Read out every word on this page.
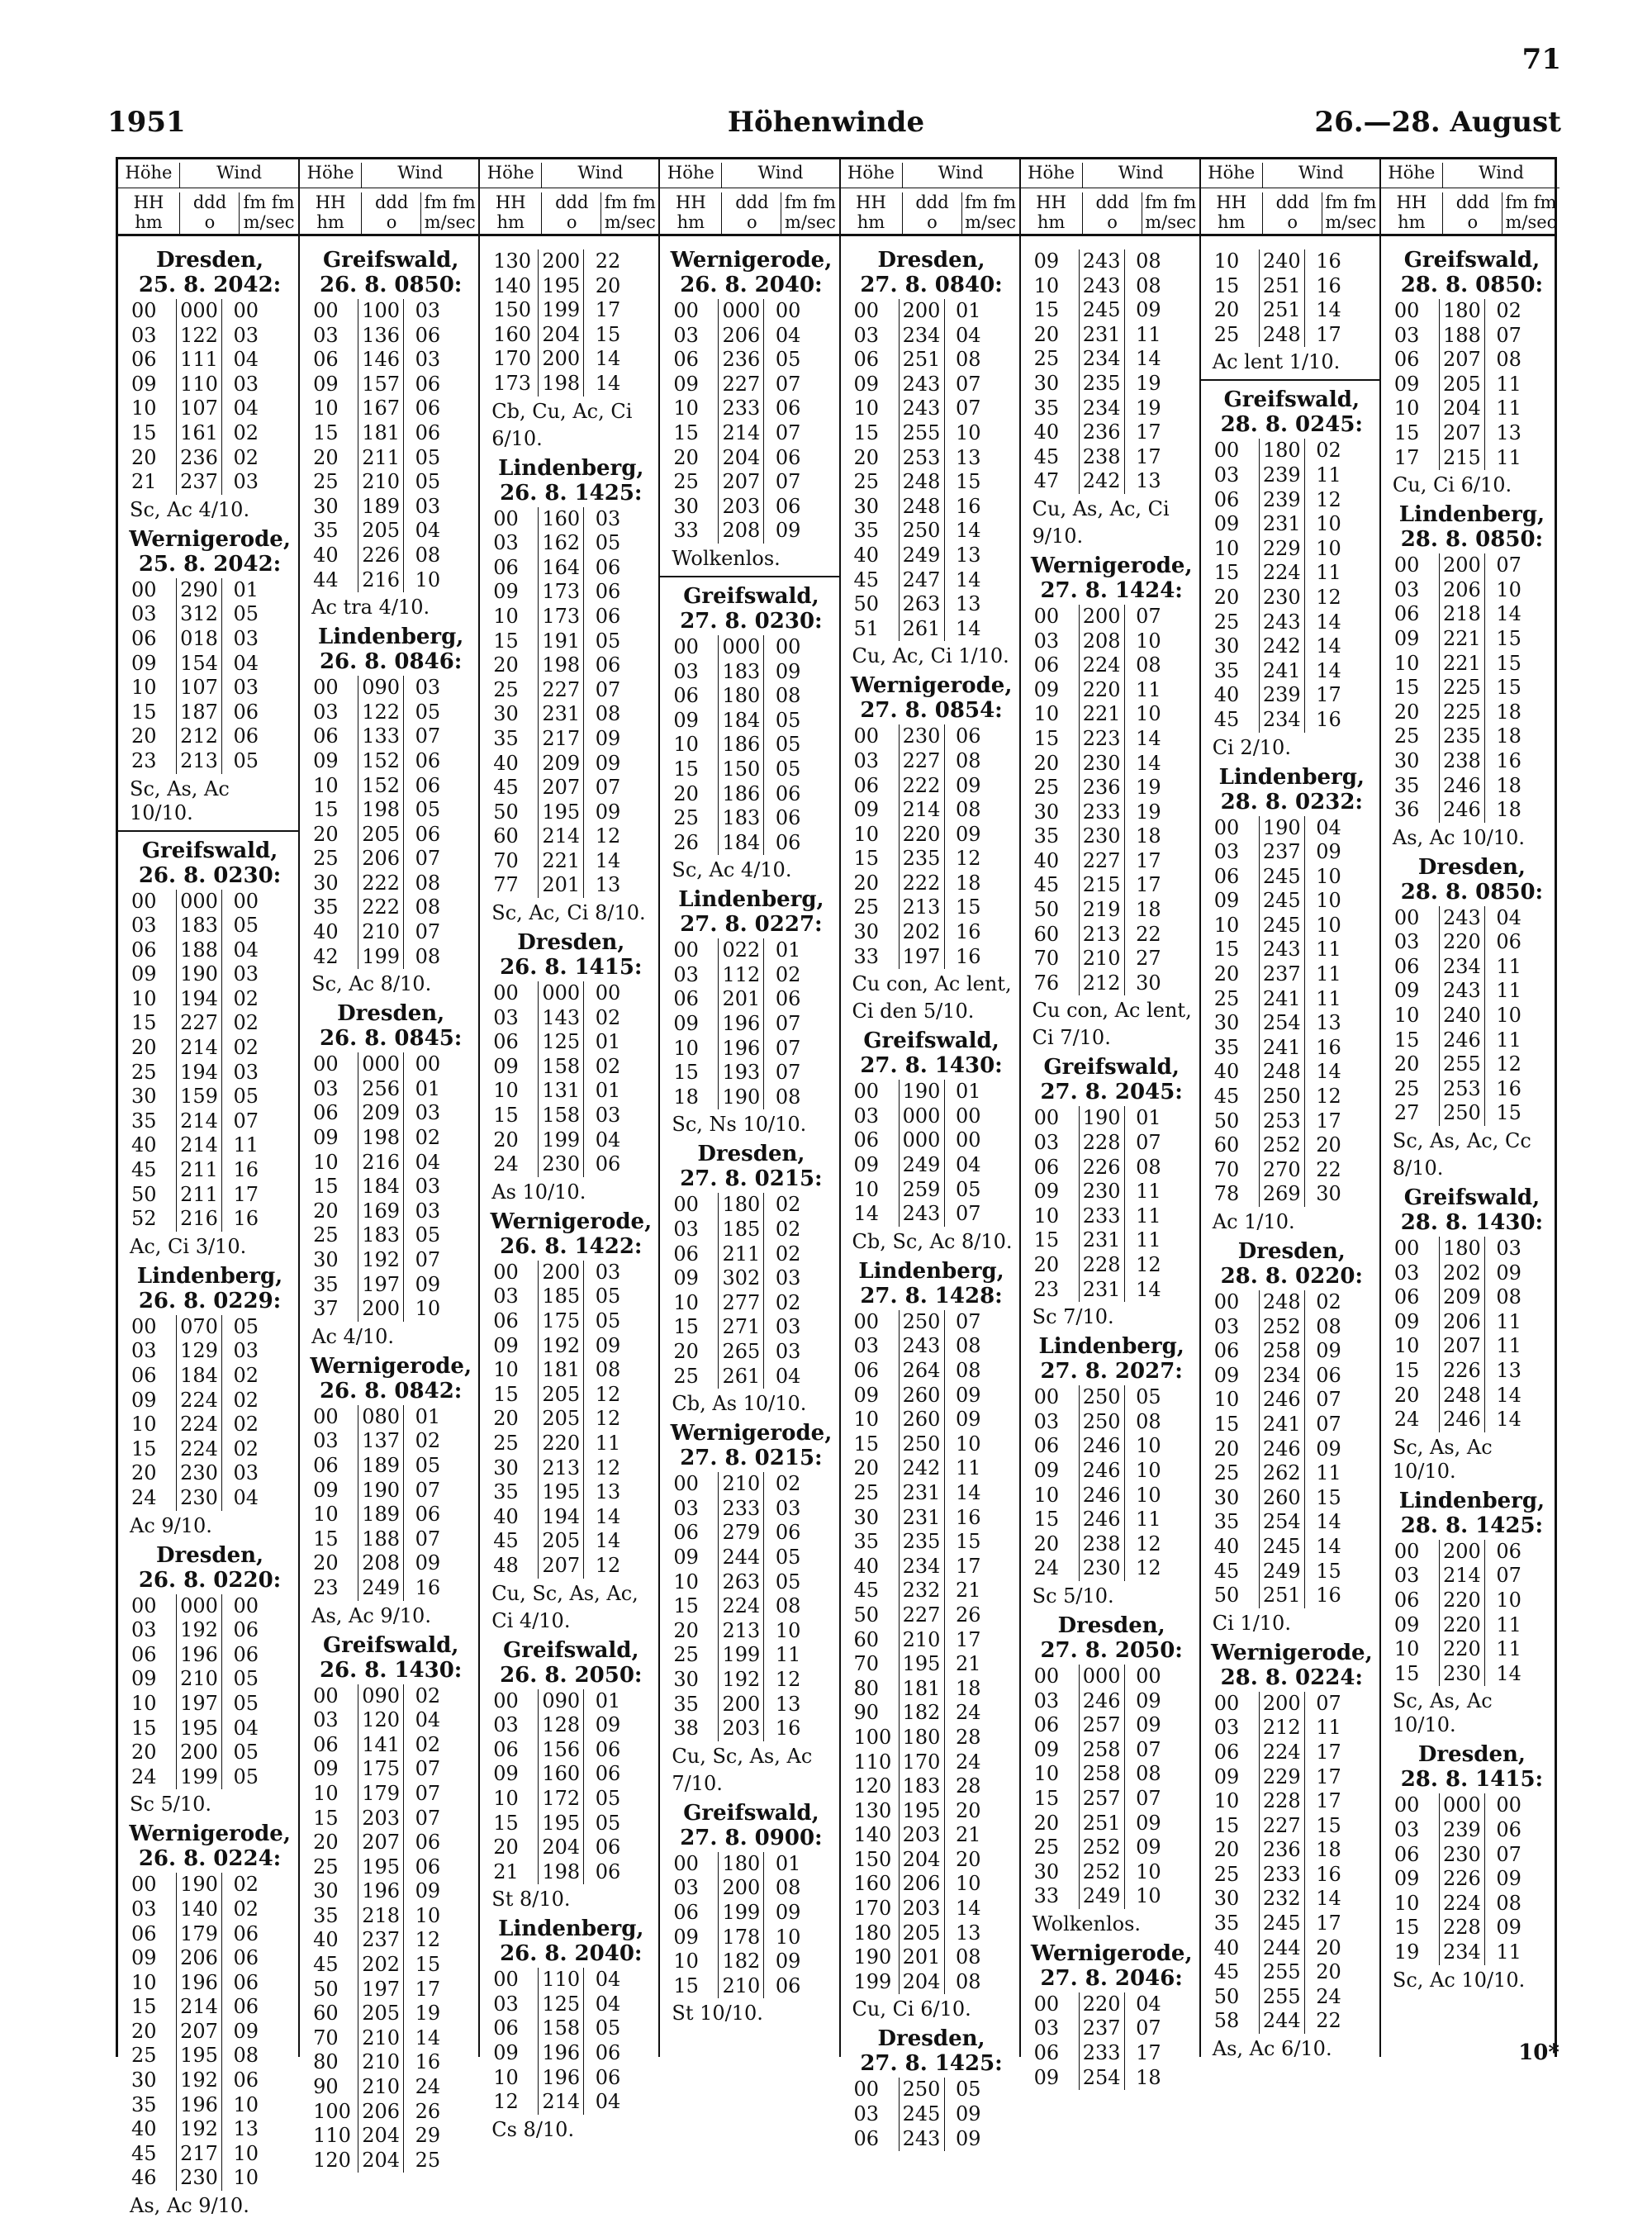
71
1951	Höhenwinde	26.—28. August
Höhe	Wind
HH
hm
ddd
o
fm fm
m/sec
Höhe	Wind
HH
hm
ddd
o
fm fm
m/sec
Höhe	Wind
HH
hm
ddd
o
fm fm
m/sec
Höhe	Wind
HH
hm
ddd
o
fm fm
m/sec
Höhe	Wind
HH
hm
ddd
o
fm fm
m/sec
Höhe	Wind
HH
hm
ddd
o
fm fm
m/sec
Höhe	Wind
HH
hm
ddd
o
fm fm
m/sec
Höhe	Wind
HH
hm
ddd
o
fm fm
m/sec
Dresden,
25. 8. 2042:
00	000 00
03	122 03
06	111 04
09	110 03
10	107 04
15	161 02
20	236 02
21	237 03
Sc, Ac 4/10.
Wernigerode,
25. 8. 2042:
00	290 01
03	312 05
06	018 03
09	154 04
10	107 03
15	187 06
20	212 06
23	213 05
Sc, As, Ac 10/10.
Greifswald,
26. 8. 0230:
00	000 00
03	183 05
06	188 04
09	190 03
10	194 02
15	227 02
20	214 02
25	194 03
30	159 05
35	214 07
40	214 11
45	211 16
50	211 17
52	216 16
Ac, Ci 3/10.
Lindenberg,
26. 8. 0229:
00	070 05
03	129 03
06	184 02
09	224 02
10	224 02
15	224 02
20	230 03
24	230 04
Ac 9/10.
Dresden,
26. 8. 0220:
00	000 00
03	192 06
06	196 06
09	210 05
10	197 05
15	195 04
20	200 05
24	199 05
Sc 5/10.
Wernigerode,
26. 8. 0224:
00	190 02
03	140 02
06	179 06
09	206 06
10	196 06
15	214 06
20	207 09
25	195 08
30	192 06
35	196 10
40	192 13
45	217 10
46	230 10
As, Ac 9/10.
Greifswald,
26. 8. 0850:
00	100 03
03	136 06
06	146 03
09	157 06
10	167 06
15	181 06
20	211 05
25	210 05
30	189 03
35	205 04
40	226 08
44	216 10
Ac tra 4/10.
Lindenberg,
26. 8. 0846:
00	090 03
03	122 05
06	133 07
09	152 06
10	152 06
15	198 05
20	205 06
25	206 07
30	222 08
35	222 08
40	210 07
42	199 08
Sc, Ac 8/10.
Dresden,
26. 8. 0845:
00	000 00
03	256 01
06	209 03
09	198 02
10	216 04
15	184 03
20	169 03
25	183 05
30	192 07
35	197 09
37	200 10
Ac 4/10.
Wernigerode,
26. 8. 0842:
00	080 01
03	137 02
06	189 05
09	190 07
10	189 06
15	188 07
20	208 09
23	249 16
As, Ac 9/10.
Greifswald,
26. 8. 1430:
00	090 02
03	120 04
06	141 02
09	175 07
10	179 07
15	203 07
20	207 06
25	195 06
30	196 09
35	218 10
40	237 12
45	202 15
50	197 17
60	205 19
70	210 14
80	210 16
90	210 24
100 206 26
110 204 29
120 204 25
130 200 22
140 195 20
150 199 17
160 204 15
170 200 14
173 198 14
Cb, Cu, Ac, Ci
6/10.
Lindenberg,
26. 8. 1425:
00	160 03
03	162 05
06	164 06
09	173 06
10	173 06
15	191 05
20	198 06
25	227 07
30	231 08
35	217 09
40	209 09
45	207 07
50	195 09
60	214 12
70	221 14
77	201 13
Sc, Ac, Ci 8/10.
Dresden,
26. 8. 1415:
00	000 00
03	143 02
06	125 01
09	158 02
10	131 01
15	158 03
20	199 04
24	230 06
As 10/10.
Wernigerode,
26. 8. 1422:
00	200 03
03	185 05
06	175 05
09	192 09
10	181 08
15	205 12
20	205 12
25	220 11
30	213 12
35	195 13
40	194 14
45	205 14
48	207 12
Cu, Sc, As, Ac,
Ci 4/10.
Greifswald,
26. 8. 2050:
00	090 01
03	128 09
06	156 06
09	160 06
10	172 05
15	195 05
20	204 06
21	198 06
St 8/10.
Lindenberg,
26. 8. 2040:
00	110 04
03	125 04
06	158 05
09	196 06
10	196 06
12	214 04
Cs 8/10.
Wernigerode,
26. 8. 2040:
00	000 00
03	206 04
06	236 05
09	227 07
10	233 06
15	214 07
20	204 06
25	207 07
30	203 06
33	208 09
Wolkenlos.
Greifswald,
27. 8. 0230:
00	000 00
03	183 09
06	180 08
09	184 05
10	186 05
15	150 05
20	186 06
25	183 06
26	184 06
Sc, Ac 4/10.
Lindenberg,
27. 8. 0227:
00	022 01
03	112 02
06	201 06
09	196 07
10	196 07
15	193 07
18	190 08
Sc, Ns 10/10.
Dresden,
27. 8. 0215:
00	180 02
03	185 02
06	211 02
09	302 03
10	277 02
15	271 03
20	265 03
25	261 04
Cb, As 10/10.
Wernigerode,
27. 8. 0215:
00	210 02
03	233 03
06	279 06
09	244 05
10	263 05
15	224 08
20	213 10
25	199 11
30	192 12
35	200 13
38	203 16
Cu, Sc, As, Ac
7/10.
Greifswald,
27. 8. 0900:
00	180 01
03	200 08
06	199 09
09	178 10
10	182 09
15	210 06
St 10/10.
Dresden,
27. 8. 0840:
00	200 01
03	234 04
06	251 08
09	243 07
10	243 07
15	255 10
20	253 13
25	248 15
30	248 16
35	250 14
40	249 13
45	247 14
50	263 13
51	261 14
Cu, Ac, Ci 1/10.
Wernigerode,
27. 8. 0854:
00	230 06
03	227 08
06	222 09
09	214 08
10	220 09
15	235 12
20	222 18
25	213 15
30	202 16
33	197 16
Cu con, Ac lent,
Ci den 5/10.
Greifswald,
27. 8. 1430:
00	190 01
03	000 00
06	000 00
09	249 04
10	259 05
14	243 07
Cb, Sc, Ac 8/10.
Lindenberg,
27. 8. 1428:
00	250 07
03	243 08
06	264 08
09	260 09
10	260 09
15	250 10
20	242 11
25	231 14
30	231 16
35	235 15
40	234 17
45	232 21
50	227 26
60	210 17
70	195 21
80	181 18
90	182 24
100 180 28
110 170 24
120 183 28
130 195 20
140 203 21
150 204 20
160 206 10
170 203 14
180 205 13
190 201 08
199 204 08
Cu, Ci 6/10.
Dresden,
27. 8. 1425:
00	250 05
03	245 09
06	243 09
09	243 08
10	243 08
15	245 09
20	231 11
25	234 14
30	235 19
35	234 19
40	236 17
45	238 17
47	242 13
Cu, As, Ac, Ci
9/10.
Wernigerode,
27. 8. 1424:
00	200 07
03	208 10
06	224 08
09	220 11
10	221 10
15	223 14
20	230 14
25	236 19
30	233 19
35	230 18
40	227 17
45	215 17
50	219 18
60	213 22
70	210 27
76	212 30
Cu con, Ac lent,
Ci 7/10.
Greifswald,
27. 8. 2045:
00	190 01
03	228 07
06	226 08
09	230 11
10	233 11
15	231 11
20	228 12
23	231 14
Sc 7/10.
Lindenberg,
27. 8. 2027:
00	250 05
03	250 08
06	246 10
09	246 10
10	246 10
15	246 11
20	238 12
24	230 12
Sc 5/10.
Dresden,
27. 8. 2050:
00	000 00
03	246 09
06	257 09
09	258 07
10	258 08
15	257 07
20	251 09
25	252 09
30	252 10
33	249 10
Wolkenlos.
Wernigerode,
27. 8. 2046:
00	220 04
03	237 07
06	233 17
09	254 18
10	240 16
15	251 16
20	251 14
25	248 17
Ac lent 1/10.
Greifswald,
28. 8. 0245:
00	180 02
03	239 11
06	239 12
09	231 10
10	229 10
15	224 11
20	230 12
25	243 14
30	242 14
35	241 14
40	239 17
45	234 16
Ci 2/10.
Lindenberg,
28. 8. 0232:
00	190 04
03	237 09
06	245 10
09	245 10
10	245 10
15	243 11
20	237 11
25	241 11
30	254 13
35	241 16
40	248 14
45	250 12
50	253 17
60	252 20
70	270 22
78	269 30
Ac 1/10.
Dresden,
28. 8. 0220:
00	248 02
03	252 08
06	258 09
09	234 06
10	246 07
15	241 07
20	246 09
25	262 11
30	260 15
35	254 14
40	245 14
45	249 15
50	251 16
Ci 1/10.
Wernigerode,
28. 8. 0224:
00	200 07
03	212 11
06	224 17
09	229 17
10	228 17
15	227 15
20	236 18
25	233 16
30	232 14
35	245 17
40	244 20
45	255 20
50	255 24
58	244 22
As, Ac 6/10.
Greifswald,
28. 8. 0850:
00	180 02
03	188 07
06	207 08
09	205 11
10	204 11
15	207 13
17	215 11
Cu, Ci 6/10.
Lindenberg,
28. 8. 0850:
00	200 07
03	206 10
06	218 14
09	221 15
10	221 15
15	225 15
20	225 18
25	235 18
30	238 16
35	246 18
36	246 18
As, Ac 10/10.
Dresden,
28. 8. 0850:
00	243 04
03	220 06
06	234 11
09	243 11
10	240 10
15	246 11
20	255 12
25	253 16
27	250 15
Sc, As, Ac, Cc
8/10.
Greifswald,
28. 8. 1430:
00	180 03
03	202 09
06	209 08
09	206 11
10	207 11
15	226 13
20	248 14
24	246 14
Sc, As, Ac 10/10.
Lindenberg,
28. 8. 1425:
00	200 06
03	214 07
06	220 10
09	220 11
10	220 11
15	230 14
Sc, As, Ac 10/10.
Dresden,
28. 8. 1415:
00	000 00
03	239 06
06	230 07
09	226 09
10	224 08
15	228 09
19	234 11
Sc, Ac 10/10.
10*
